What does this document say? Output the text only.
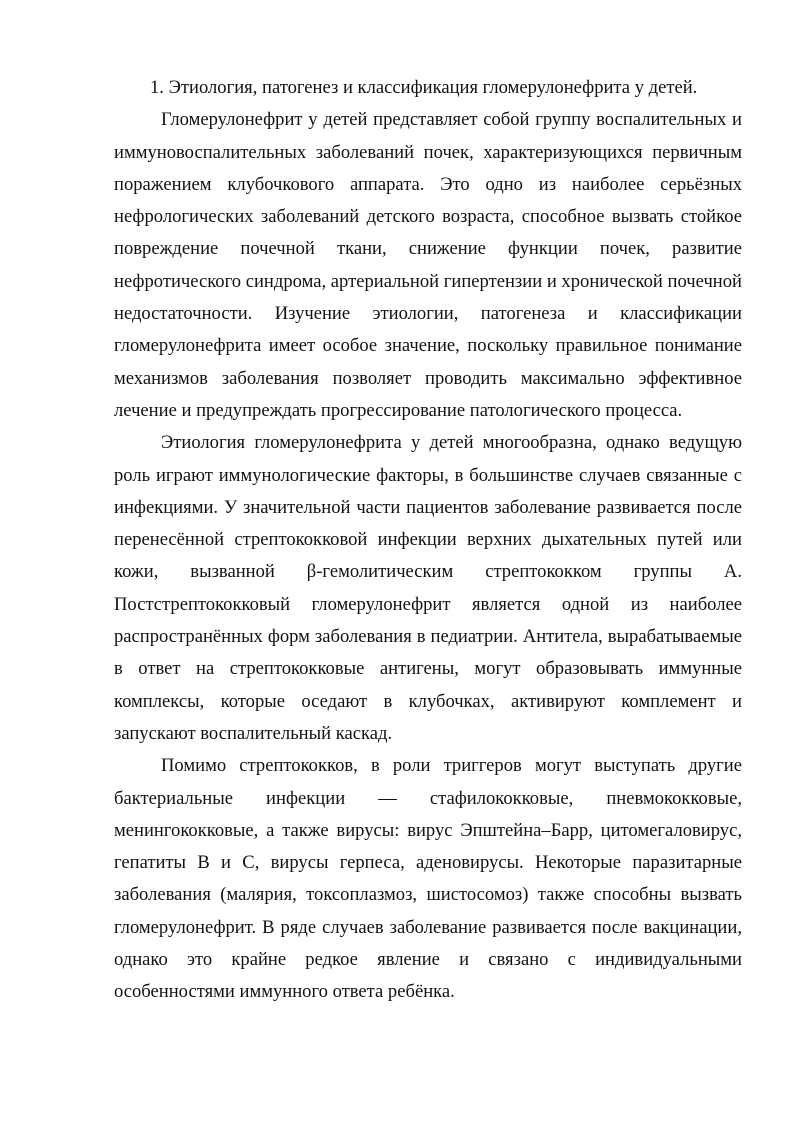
1. Этиология, патогенез и классификация гломерулонефрита у детей.

Гломерулонефрит у детей представляет собой группу воспалительных и иммуновоспалительных заболеваний почек, характеризующихся первичным поражением клубочкового аппарата. Это одно из наиболее серьёзных нефрологических заболеваний детского возраста, способное вызвать стойкое повреждение почечной ткани, снижение функции почек, развитие нефротического синдрома, артериальной гипертензии и хронической почечной недостаточности. Изучение этиологии, патогенеза и классификации гломерулонефрита имеет особое значение, поскольку правильное понимание механизмов заболевания позволяет проводить максимально эффективное лечение и предупреждать прогрессирование патологического процесса.

Этиология гломерулонефрита у детей многообразна, однако ведущую роль играют иммунологические факторы, в большинстве случаев связанные с инфекциями. У значительной части пациентов заболевание развивается после перенесённой стрептококковой инфекции верхних дыхательных путей или кожи, вызванной β-гемолитическим стрептококком группы А. Постстрептококковый гломерулонефрит является одной из наиболее распространённых форм заболевания в педиатрии. Антитела, вырабатываемые в ответ на стрептококковые антигены, могут образовывать иммунные комплексы, которые оседают в клубочках, активируют комплемент и запускают воспалительный каскад.

Помимо стрептококков, в роли триггеров могут выступать другие бактериальные инфекции — стафилококковые, пневмококковые, менингококковые, а также вирусы: вирус Эпштейна–Барр, цитомегаловирус, гепатиты В и С, вирусы герпеса, аденовирусы. Некоторые паразитарные заболевания (малярия, токсоплазмоз, шистосомоз) также способны вызвать гломерулонефрит. В ряде случаев заболевание развивается после вакцинации, однако это крайне редкое явление и связано с индивидуальными особенностями иммунного ответа ребёнка.
